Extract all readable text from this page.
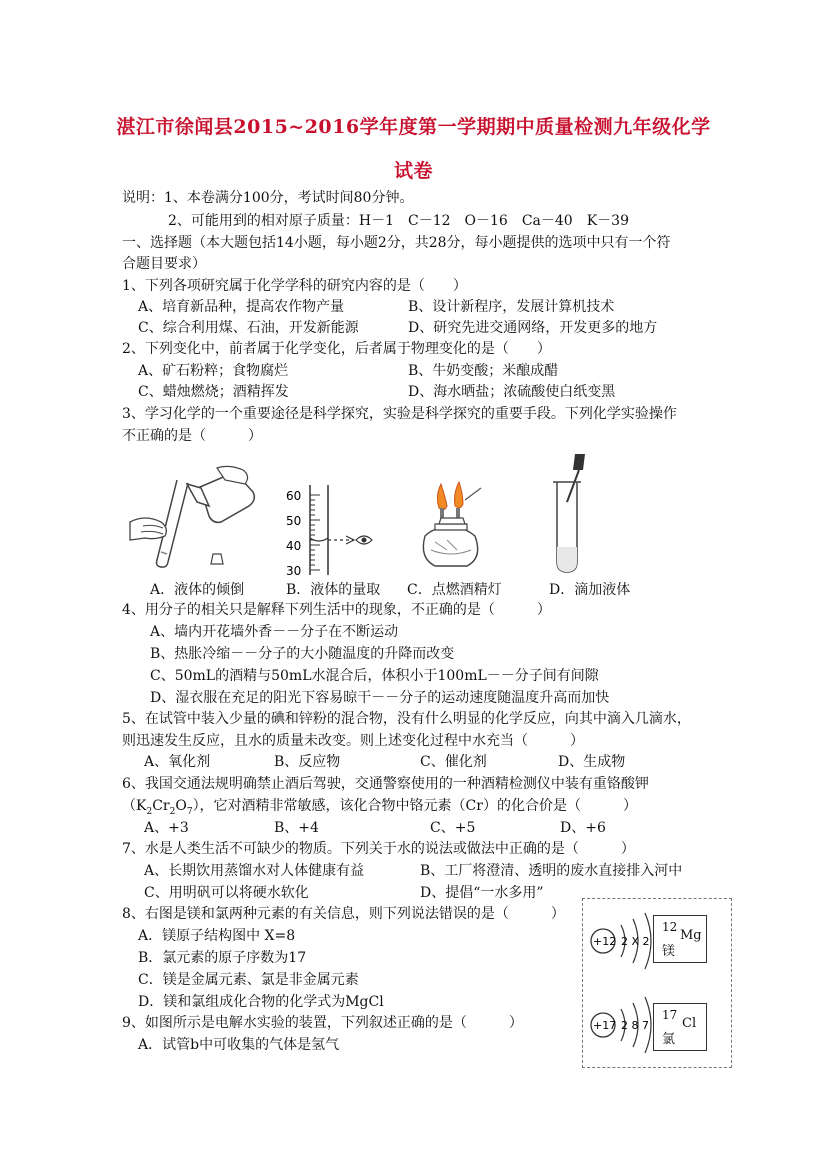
湛江市徐闻县2015~2016学年度第一学期期中质量检测九年级化学
试卷
说明：1、本卷满分100分，考试时间80分钟。
2、可能用到的相对原子质量：H－1　C－12　O－16　Ca－40　K－39
一、选择题（本大题包括14小题，每小题2分，共28分，每小题提供的选项中只有一个符
合题目要求）
1、下列各项研究属于化学学科的研究内容的是（　　）
A、培育新品种，提高农作物产量	B、设计新程序，发展计算机技术
C、综合利用煤、石油，开发新能源	D、研究先进交通网络，开发更多的地方
2、下列变化中，前者属于化学变化，后者属于物理变化的是（　　）
A、矿石粉粹；食物腐烂	B、牛奶变酸；米酿成醋
C、蜡烛燃烧；酒精挥发	D、海水晒盐；浓硫酸使白纸变黑
3、学习化学的一个重要途径是科学探究，实验是科学探究的重要手段。下列化学实验操作
不正确的是（　　　）
A．液体的倾倒
60
50
40
30
B．液体的量取 C．点燃酒精灯	D．滴加液体
4、用分子的相关只是解释下列生活中的现象，不正确的是（　　　）
A、墙内开花墙外香－－分子在不断运动
B、热胀冷缩－－分子的大小随温度的升降而改变
C、50mL的酒精与50mL水混合后，体积小于100mL－－分子间有间隙
D、湿衣服在充足的阳光下容易晾干－－分子的运动速度随温度升高而加快
5、在试管中装入少量的碘和锌粉的混合物，没有什么明显的化学反应，向其中滴入几滴水，
则迅速发生反应，且水的质量未改变。则上述变化过程中水充当（　　　）
A、氧化剂	B、反应物	C、催化剂	D、生成物
6、我国交通法规明确禁止酒后驾驶，交通警察使用的一种酒精检测仪中装有重铬酸钾
$(K_2Cr_2O_7)$，它对酒精非常敏感，该化合物中铬元素（Cr）的化合价是（　　　）
A、+3	B、+4	C、+5	D、+6
7、水是人类生活不可缺少的物质。下列关于水的说法或做法中正确的是（　　　）
A、长期饮用蒸馏水对人体健康有益	B、工厂将澄清、透明的废水直接排入河中
C、用明矾可以将硬水软化	D、提倡“一水多用”
8、右图是镁和氯两种元素的有关信息，则下列说法错误的是（　　　）
A．镁原子结构图中 X=8
B．氯元素的原子序数为17
C．镁是金属元素、氯是非金属元素
D．镁和氯组成化合物的化学式为MgCl
9、如图所示是电解水实验的装置，下列叙述正确的是（　　　）
A．试管b中可收集的气体是氢气
+12 2 X 2
12
Mg
镁
+17 2 8 7
17
Cl
氯
